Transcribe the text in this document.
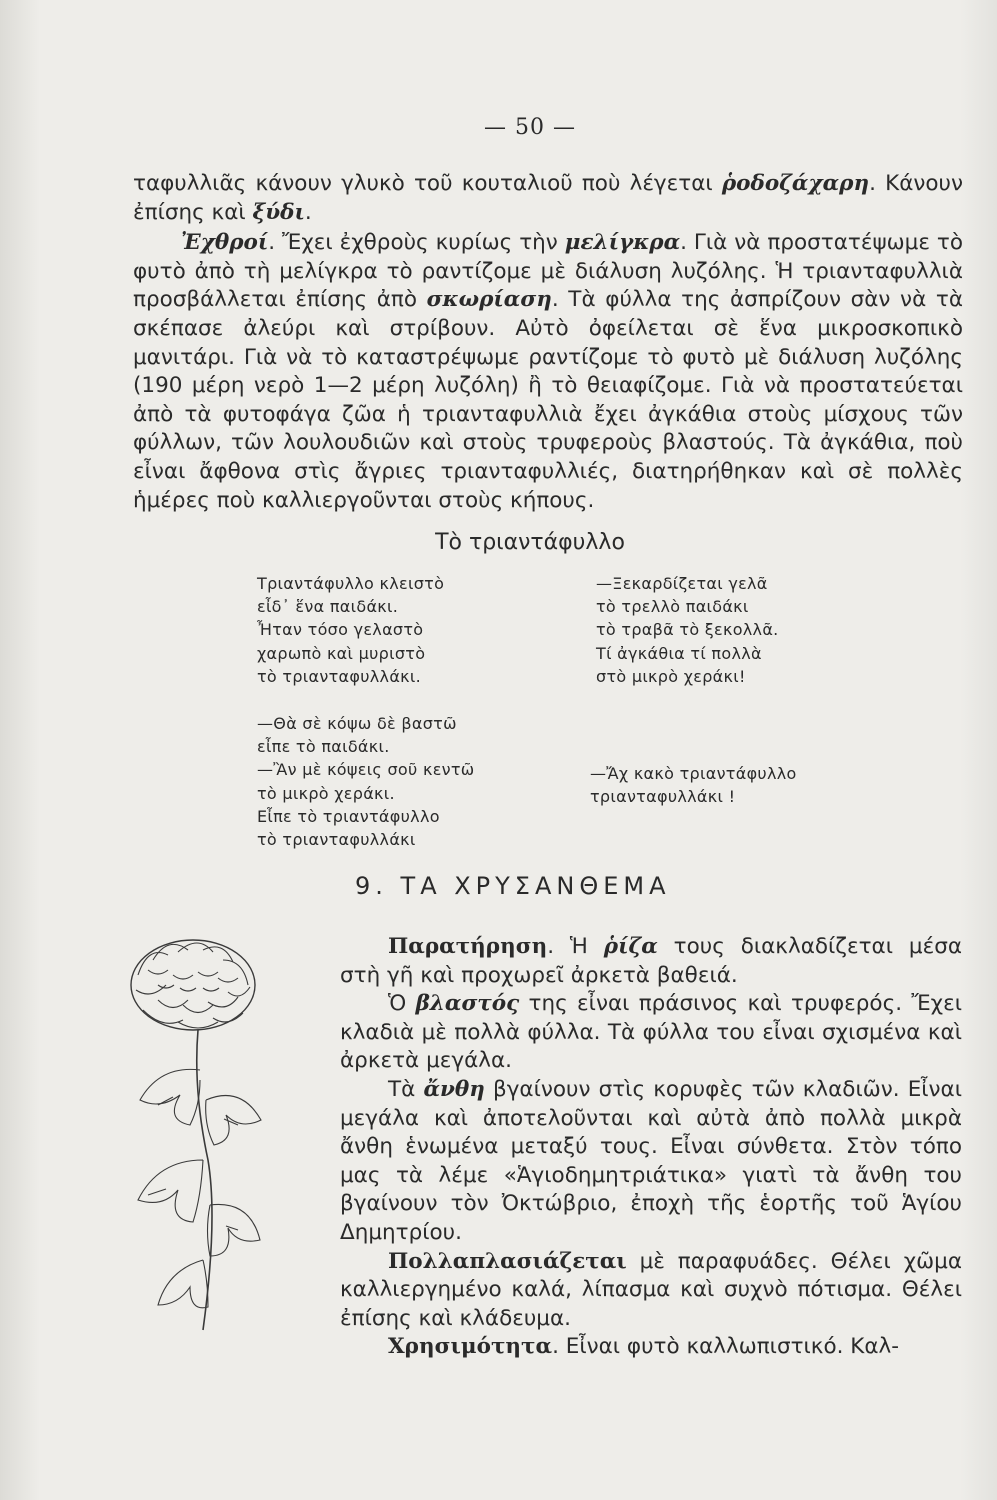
— 50 —

ταφυλλιᾶς κάνουν γλυκὸ τοῦ κουταλιοῦ ποὺ λέγεται ῥοδοζάχαρη. Κάνουν ἐπίσης καὶ ξύδι.

Ἐχθροί. Ἔχει ἐχθροὺς κυρίως τὴν μελίγκρα. Γιὰ νὰ προστατέψωμε τὸ φυτὸ ἀπὸ τὴ μελίγκρα τὸ ραντίζομε μὲ διάλυση λυζόλης. Ἡ τριανταφυλλιὰ προσβάλλεται ἐπίσης ἀπὸ σκωρίαση. Τὰ φύλλα της ἀσπρίζουν σὰν νὰ τὰ σκέπασε ἀλεύρι καὶ στρίβουν. Αὐτὸ ὀφείλεται σὲ ἕνα μικροσκοπικὸ μανιτάρι. Γιὰ νὰ τὸ καταστρέψωμε ραντίζομε τὸ φυτὸ μὲ διάλυση λυζόλης (190 μέρη νερὸ 1—2 μέρη λυζόλη) ἢ τὸ θειαφίζομε. Γιὰ νὰ προστατεύεται ἀπὸ τὰ φυτοφάγα ζῶα ἡ τριανταφυλλιὰ ἔχει ἀγκάθια στοὺς μίσχους τῶν φύλλων, τῶν λουλουδιῶν καὶ στοὺς τρυφεροὺς βλαστούς. Τὰ ἀγκάθια, ποὺ εἶναι ἄφθονα στὶς ἄγριες τριανταφυλλιές, διατηρήθηκαν καὶ σὲ πολλὲς ἡμέρες ποὺ καλλιεργοῦνται στοὺς κήπους.

Τὸ τριαντάφυλλο
Τριαντάφυλλο κλειστὸ
εἶδ᾽ ἕνα παιδάκι.
Ἦταν τόσο γελαστὸ
χαρωπὸ καὶ μυριστὸ
τὸ τριανταφυλλάκι.
—Ξεκαρδίζεται γελᾶ
τὸ τρελλὸ παιδάκι
τὸ τραβᾶ τὸ ξεκολλᾶ.
Τί ἀγκάθια τί πολλὰ
στὸ μικρὸ χεράκι!
—Θὰ σὲ κόψω δὲ βαστῶ
εἶπε τὸ παιδάκι.
—Ἂν μὲ κόψεις σοῦ κεντῶ
τὸ μικρὸ χεράκι.
Εἶπε τὸ τριαντάφυλλο
τὸ τριανταφυλλάκι
—Ἄχ κακὸ τριαντάφυλλο
τριανταφυλλάκι !
9. ΤΑ ΧΡΥΣΑΝΘΕΜΑ

Παρατήρηση. Ἡ ῥίζα τους διακλαδίζεται μέσα στὴ γῆ καὶ προχωρεῖ ἀρκετὰ βαθειά.

Ὁ βλαστός της εἶναι πράσινος καὶ τρυφερός. Ἔχει κλαδιὰ μὲ πολλὰ φύλλα. Τὰ φύλλα του εἶναι σχισμένα καὶ ἀρκετὰ μεγάλα.

Τὰ ἄνθη βγαίνουν στὶς κορυφὲς τῶν κλαδιῶν. Εἶναι μεγάλα καὶ ἀποτελοῦνται καὶ αὐτὰ ἀπὸ πολλὰ μικρὰ ἄνθη ἑνωμένα μεταξύ τους. Εἶναι σύνθετα. Στὸν τόπο μας τὰ λέμε «Ἁγιοδημητριάτικα» γιατὶ τὰ ἄνθη του βγαίνουν τὸν Ὀκτώβριο, ἐποχὴ τῆς ἑορτῆς τοῦ Ἁγίου Δημητρίου.

Πολλαπλασιάζεται μὲ παραφυάδες. Θέλει χῶμα καλλιεργημένο καλά, λίπασμα καὶ συχνὸ πότισμα. Θέλει ἐπίσης καὶ κλάδευμα.

Χρησιμότητα. Εἶναι φυτὸ καλλωπιστικό. Καλ-
